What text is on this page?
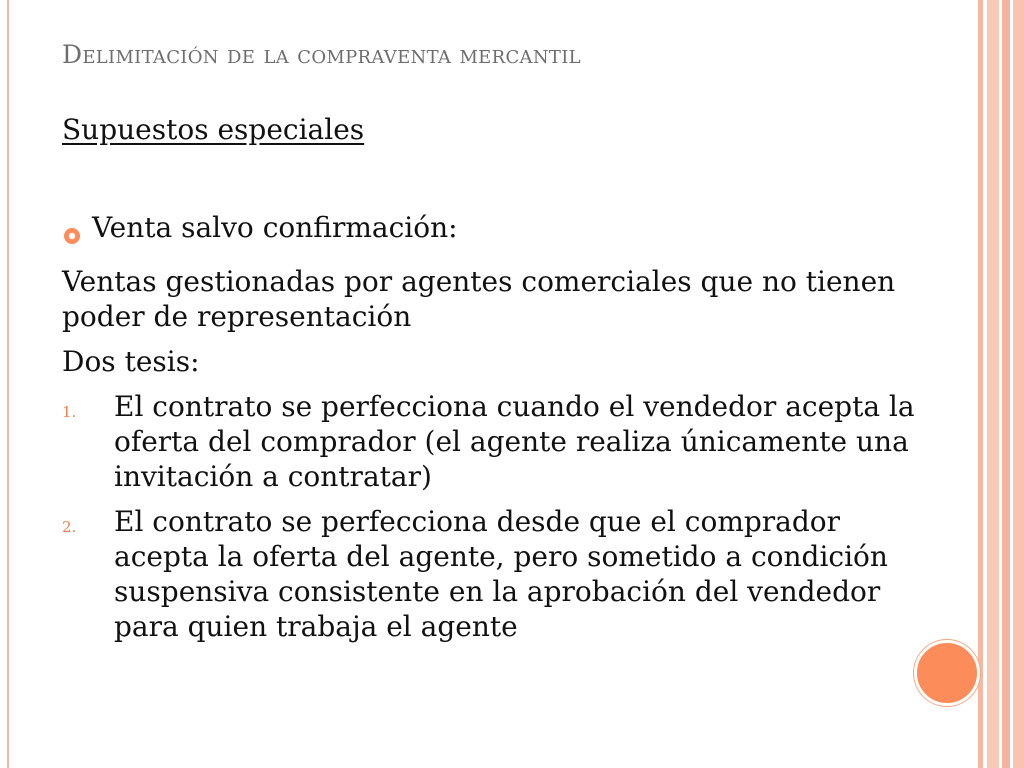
Delimitación de la compraventa mercantil

Supuestos especiales

Venta salvo confirmación:

Ventas gestionadas por agentes comerciales que no tienen poder de representación

Dos tesis:

1.	El contrato se perfecciona cuando el vendedor acepta la oferta del comprador (el agente realiza únicamente una invitación a contratar)
2.	El contrato se perfecciona desde que el comprador acepta la oferta del agente, pero sometido a condición suspensiva consistente en la aprobación del vendedor para quien trabaja el agente
